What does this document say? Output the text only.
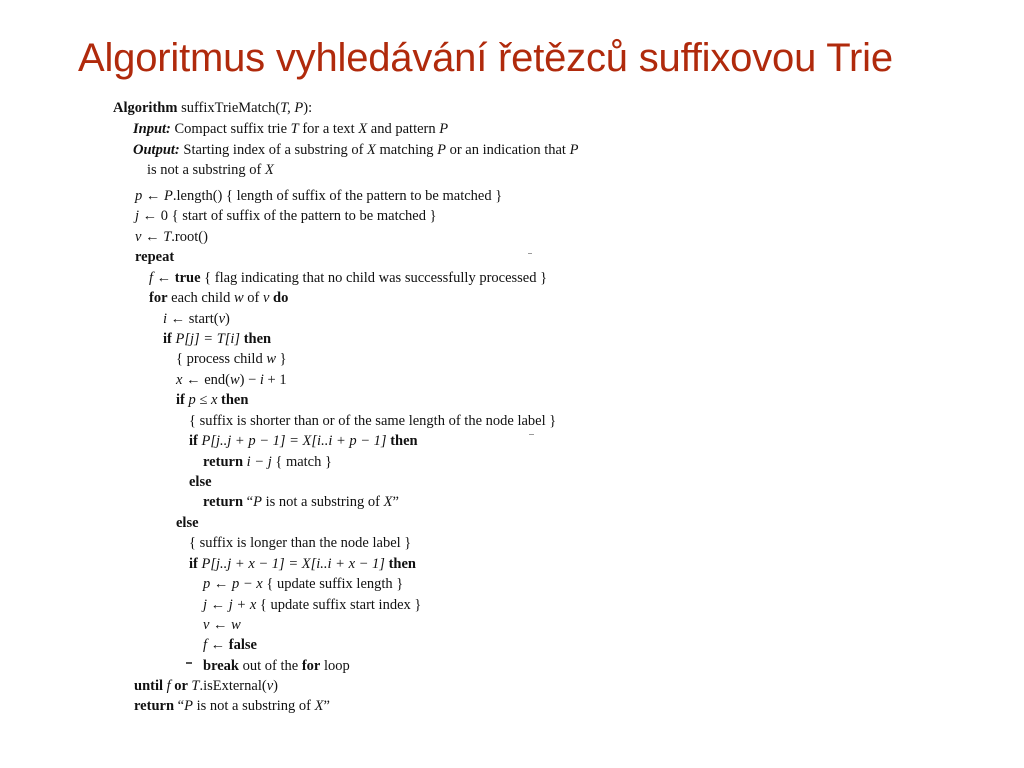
Algoritmus vyhledávání řetězců suffixovou Trie
Algorithm suffixTrieMatch(T, P):
Input: Compact suffix trie T for a text X and pattern P
Output: Starting index of a substring of X matching P or an indication that P
is not a substring of X
p ← P.length() { length of suffix of the pattern to be matched }
j ← 0 { start of suffix of the pattern to be matched }
v ← T.root()
repeat
f ← true { flag indicating that no child was successfully processed }
for each child w of v do
i ← start(v)
if P[j] = T[i] then
{ process child w }
x ← end(w) − i + 1
if p ≤ x then
{ suffix is shorter than or of the same length of the node label }
if P[j..j + p − 1] = X[i..i + p − 1] then
return i − j { match }
else
return “P is not a substring of X”
else
{ suffix is longer than the node label }
if P[j..j + x − 1] = X[i..i + x − 1] then
p ← p − x { update suffix length }
j ← j + x { update suffix start index }
v ← w
f ← false
break out of the for loop
until f or T.isExternal(v)
return “P is not a substring of X”
